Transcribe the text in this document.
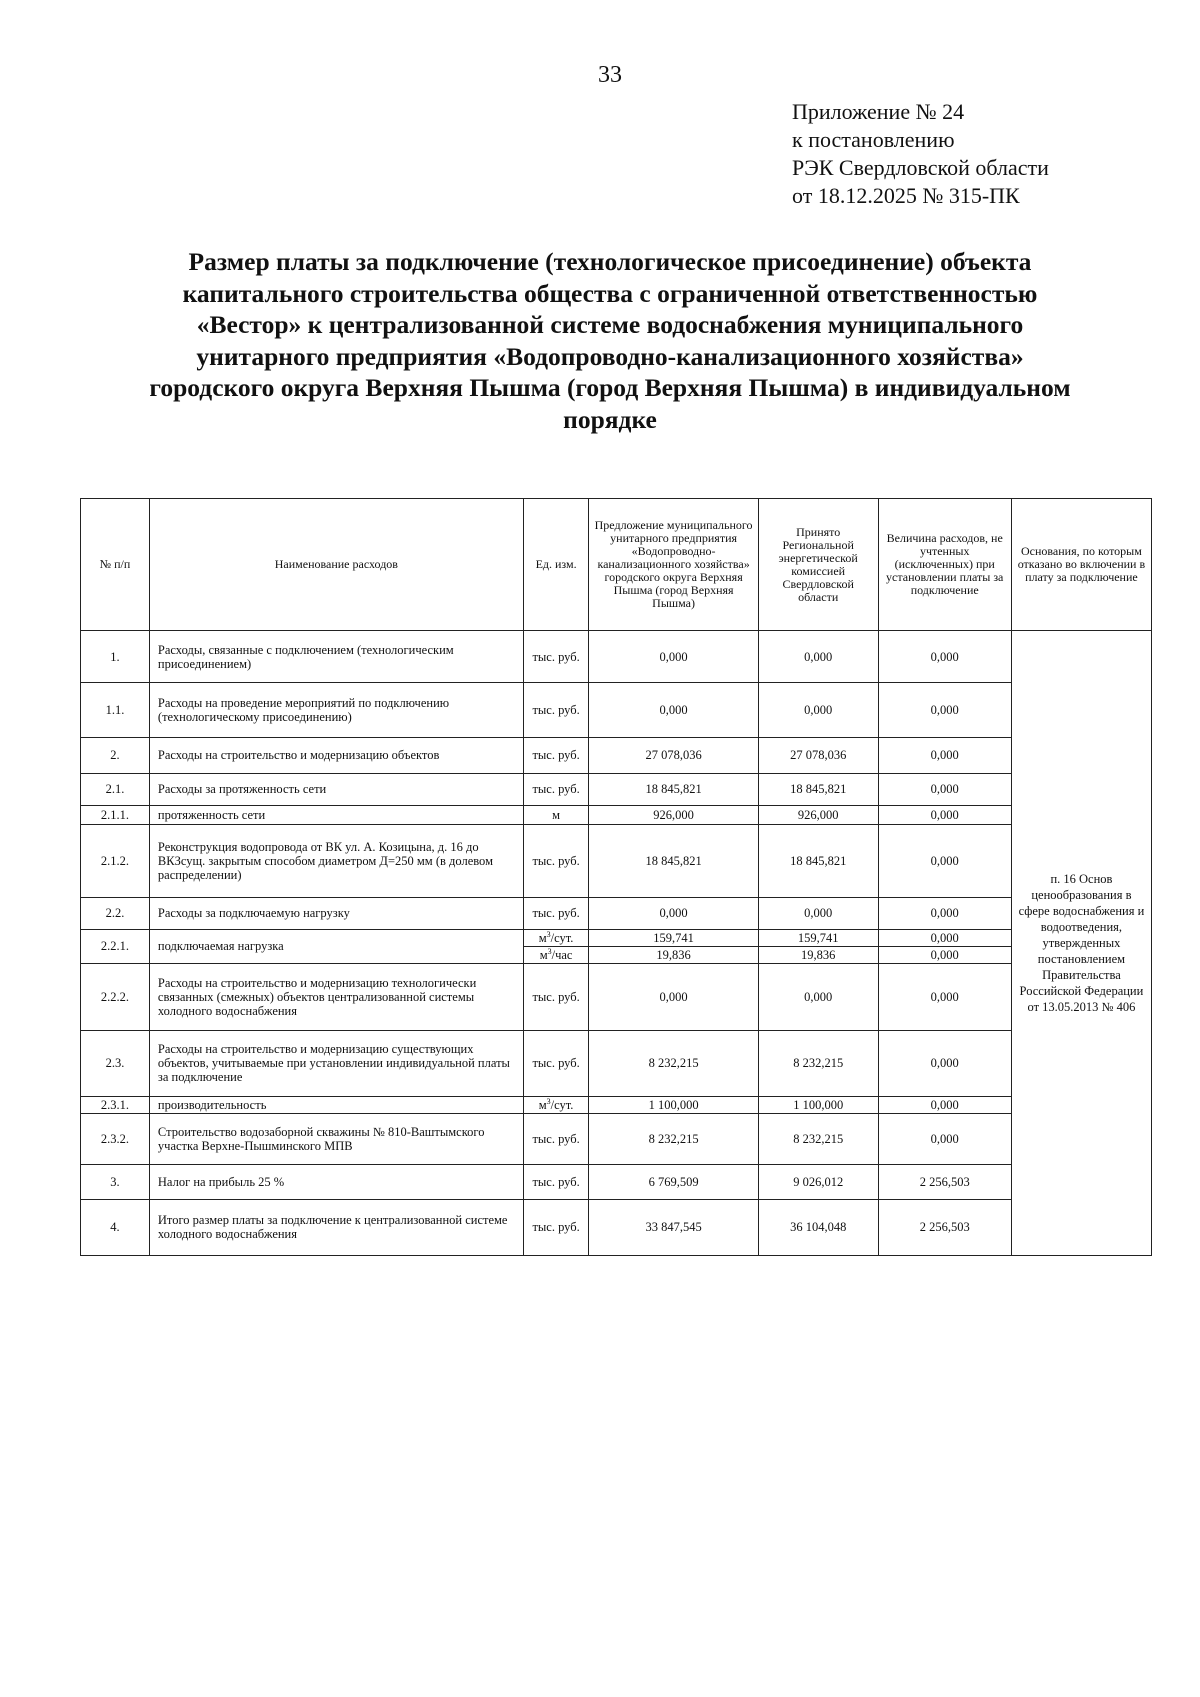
33
Приложение № 24
к постановлению
РЭК Свердловской области
от 18.12.2025 № 315-ПК
Размер платы за подключение (технологическое присоединение) объекта
капитального строительства общества с ограниченной ответственностью
«Вестор» к централизованной системе водоснабжения муниципального
унитарного предприятия «Водопроводно-канализационного хозяйства»
городского округа Верхняя Пышма (город Верхняя Пышма) в индивидуальном
порядке
№ п/п	Наименование расходов	Ед. изм.	Предложение муниципального унитарного предприятия «Водопроводно-канализационного хозяйства» городского округа Верхняя Пышма (город Верхняя Пышма)	Принято Региональной энергетической комиссией Свердловской области	Величина расходов, не учтенных (исключенных) при установлении платы за подключение	Основания, по которым отказано во включении в плату за подключение
1.	Расходы, связанные с подключением (технологическим присоединением)	тыс. руб.	0,000	0,000	0,000	п. 16 Основ ценообразования в сфере водоснабжения и водоотведения, утвержденных постановлением Правительства Российской Федерации от 13.05.2013 № 406
1.1.	Расходы на проведение мероприятий по подключению (технологическому присоединению)	тыс. руб.	0,000	0,000	0,000	
2.	Расходы на строительство и модернизацию объектов	тыс. руб.	27 078,036	27 078,036	0,000	
2.1.	Расходы за протяженность сети	тыс. руб.	18 845,821	18 845,821	0,000	
2.1.1.	протяженность сети	м	926,000	926,000	0,000	
2.1.2.	Реконструкция водопровода от ВК ул. А. Козицына, д. 16 до ВКЗсущ. закрытым способом диаметром Д=250 мм (в долевом распределении)	тыс. руб.	18 845,821	18 845,821	0,000	
2.2.	Расходы за подключаемую нагрузку	тыс. руб.	0,000	0,000	0,000	
2.2.1.	подключаемая нагрузка	$м^3$/сут.	159,741	159,741	0,000	
		$м^3$/час	19,836	19,836	0,000	
2.2.2.	Расходы на строительство и модернизацию технологически связанных (смежных) объектов централизованной системы холодного водоснабжения	тыс. руб.	0,000	0,000	0,000	
2.3.	Расходы на строительство и модернизацию существующих объектов, учитываемые при установлении индивидуальной платы за подключение	тыс. руб.	8 232,215	8 232,215	0,000	
2.3.1.	производительность	$м^3$/сут.	1 100,000	1 100,000	0,000	
2.3.2.	Строительство водозаборной скважины № 810-Ваштымского участка Верхне-Пышминского МПВ	тыс. руб.	8 232,215	8 232,215	0,000	
3.	Налог на прибыль 25 %	тыс. руб.	6 769,509	9 026,012	2 256,503	
4.	Итого размер платы за подключение к централизованной системе холодного водоснабжения	тыс. руб.	33 847,545	36 104,048	2 256,503	
